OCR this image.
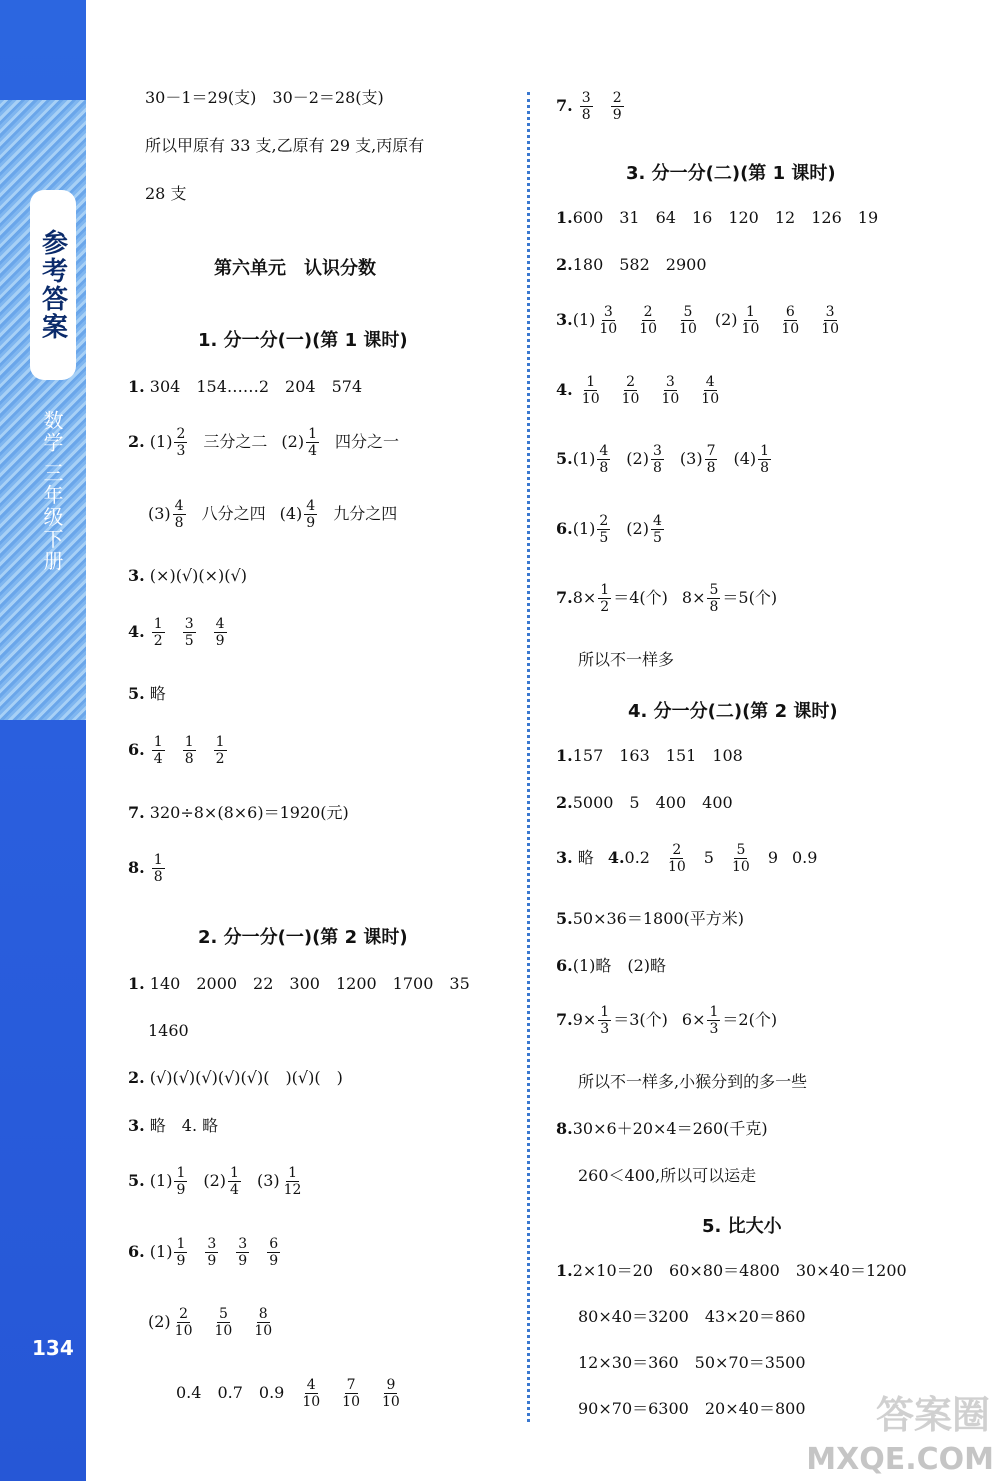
参考答案
数学 三年级下册
134
30－1＝29(支)　30－2＝28(支)
所以甲原有 33 支,乙原有 29 支,丙原有
28 支
第六单元　认识分数
1. 分一分(一)(第 1 课时)
1. 304　154……2　204　574
2. $(1) \frac{2}{3}$ 三分之二 $(2) \frac{1}{4}$ 四分之一
$(3) \frac{4}{8}$ 八分之四 $(4) \frac{4}{9}$ 九分之四
3. (×)(√)(×)(√)
4. $\frac{1}{2} \frac{3}{5} \frac{4}{9}$
5. 略
6. $\frac{1}{4} \frac{1}{8} \frac{1}{2}$
7. 320÷8×(8×6)＝1920(元)
8. $\frac{1}{8}$
2. 分一分(一)(第 2 课时)
1. 140　2000　22　300　1200　1700　35
1460
2. (√)(√)(√)(√)(√)(　)(√)(　)
3. 略　4. 略
5. $(1) \frac{1}{9} (2) \frac{1}{4} (3) \frac{1}{12}$
6. $(1) \frac{1}{9} \frac{3}{9} \frac{3}{9} \frac{6}{9}$
$(2) \frac{2}{10} \frac{5}{10} \frac{8}{10}$
0.4　0.7　$0.9 \frac{4}{10} \frac{7}{10} \frac{9}{10}$
7. $\frac{3}{8} \frac{2}{9}$
3. 分一分(二)(第 1 课时)
1.600　31　64　16　120　12　126　19
2.180　582　2900
$3.(1) \frac{3}{10} \frac{2}{10} \frac{5}{10} (2) \frac{1}{10} \frac{6}{10} \frac{3}{10}$
4. $\frac{1}{10} \frac{2}{10} \frac{3}{10} \frac{4}{10}$
$5.(1) \frac{4}{8} (2) \frac{3}{8} (3) \frac{7}{8} (4) \frac{1}{8}$
$6.(1) \frac{2}{5} (2) \frac{4}{5}$
$7.8\times \frac{1}{2} =4$(个) $8\times \frac{5}{8} =5$(个)
所以不一样多
4. 分一分(二)(第 2 课时)
1.157　163　151　108
2.5000　5　400　400
3. 略 $4.0.2 \frac{2}{10} 5 \frac{5}{10} 9$ 0.9
5.50×36＝1800(平方米)
6.(1)略　(2)略
$7.9\times \frac{1}{3} =3$(个) $6\times \frac{1}{3} =2$(个)
所以不一样多,小猴分到的多一些
8.30×6＋20×4＝260(千克)
260＜400,所以可以运走
5. 比大小
1.2×10＝20　60×80＝4800　30×40＝1200
80×40＝3200　43×20＝860
12×30＝360　50×70＝3500
90×70＝6300　20×40＝800 答案圈
MXQE.COM
